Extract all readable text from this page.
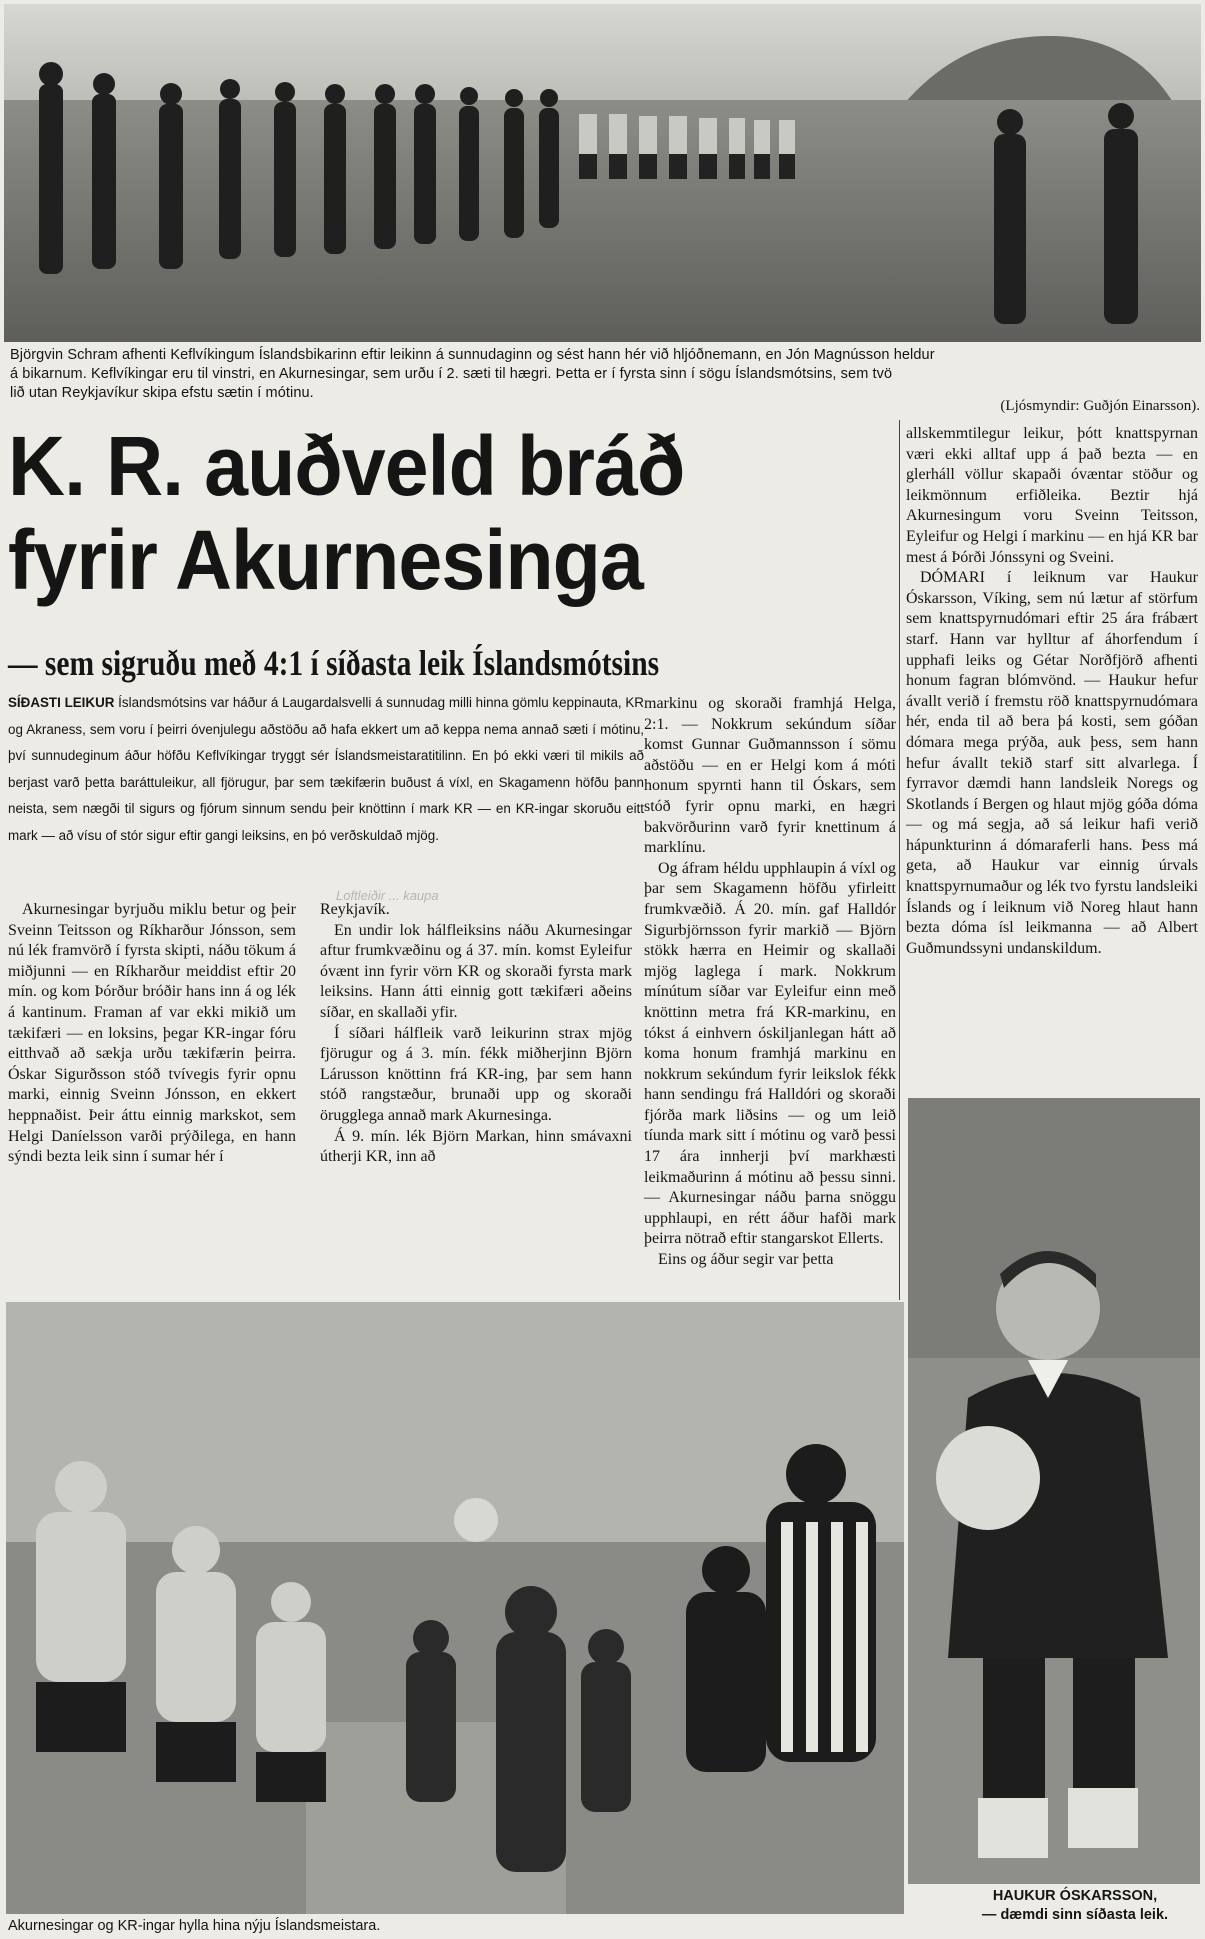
Björgvin Schram afhenti Keflvíkingum Íslandsbikarinn eftir leikinn á sunnudaginn og sést hann hér við hljóðnemann, en Jón Magnússon heldur
á bikarnum. Keflvíkingar eru til vinstri, en Akurnesingar, sem urðu í 2. sæti til hægri. Þetta er í fyrsta sinn í sögu Íslandsmótsins, sem tvö
lið utan Reykjavíkur skipa efstu sætin í mótinu.
(Ljósmyndir: Guðjón Einarsson).
K. R. auðveld bráð
fyrir Akurnesinga
— sem sigruðu með 4:1 í síðasta leik Íslandsmótsins
SÍÐASTI LEIKUR Íslandsmótsins var háður á Laugardalsvelli á sunnudag milli hinna gömlu keppinauta, KR og Akraness, sem voru í þeirri óvenjulegu aðstöðu að hafa ekkert um að keppa nema annað sæti í mótinu, því sunnudeginum áður höfðu Keflvíkingar tryggt sér Íslandsmeistaratitilinn. En þó ekki væri til mikils að berjast varð þetta baráttuleikur, all fjörugur, þar sem tækifærin buðust á víxl, en Skagamenn höfðu þann neista, sem nægði til sigurs og fjórum sinnum sendu þeir knöttinn í mark KR — en KR-ingar skoruðu eitt mark — að vísu of stór sigur eftir gangi leiksins, en þó verðskuldað mjög.
Loftleiðir ... kaupa

Akurnesingar byrjuðu miklu betur og þeir Sveinn Teitsson og Ríkharður Jónsson, sem nú lék framvörð í fyrsta skipti, náðu tökum á miðjunni — en Ríkharður meiddist eftir 20 mín. og kom Þórður bróðir hans inn á og lék á kantinum. Framan af var ekki mikið um tækifæri — en loksins, þegar KR-ingar fóru eitthvað að sækja urðu tækifærin þeirra. Óskar Sigurðsson stóð tvívegis fyrir opnu marki, einnig Sveinn Jónsson, en ekkert heppnaðist. Þeir áttu einnig markskot, sem Helgi Daníelsson varði prýðilega, en hann sýndi bezta leik sinn í sumar hér í

Reykjavík.

En undir lok hálfleiksins náðu Akurnesingar aftur frumkvæðinu og á 37. mín. komst Eyleifur óvænt inn fyrir vörn KR og skoraði fyrsta mark leiksins. Hann átti einnig gott tækifæri aðeins síðar, en skallaði yfir.

Í síðari hálfleik varð leikurinn strax mjög fjörugur og á 3. mín. fékk miðherjinn Björn Lárusson knöttinn frá KR-ing, þar sem hann stóð rangstæður, brunaði upp og skoraði örugglega annað mark Akurnesinga.

Á 9. mín. lék Björn Markan, hinn smávaxni útherji KR, inn að

markinu og skoraði framhjá Helga, 2:1. — Nokkrum sekúndum síðar komst Gunnar Guðmannsson í sömu aðstöðu — en er Helgi kom á móti honum spyrnti hann til Óskars, sem stóð fyrir opnu marki, en hægri bakvörðurinn varð fyrir knettinum á marklínu.

Og áfram héldu upphlaupin á víxl og þar sem Skagamenn höfðu yfirleitt frumkvæðið. Á 20. mín. gaf Halldór Sigurbjörnsson fyrir markið — Björn stökk hærra en Heimir og skallaði mjög laglega í mark. Nokkrum mínútum síðar var Eyleifur einn með knöttinn metra frá KR-markinu, en tókst á einhvern óskiljanlegan hátt að koma honum framhjá markinu en nokkrum sekúndum fyrir leikslok fékk hann sendingu frá Halldóri og skoraði fjórða mark liðsins — og um leið tíunda mark sitt í mótinu og varð þessi 17 ára innherji því markhæsti leikmaðurinn á mótinu að þessu sinni. — Akurnesingar náðu þarna snöggu upphlaupi, en rétt áður hafði mark þeirra nötrað eftir stangarskot Ellerts.

Eins og áður segir var þetta

allskemmtilegur leikur, þótt knattspyrnan væri ekki alltaf upp á það bezta — en glerháll völlur skapaði óvæntar stöður og leikmönnum erfiðleika. Beztir hjá Akurnesingum voru Sveinn Teitsson, Eyleifur og Helgi í markinu — en hjá KR bar mest á Þórði Jónssyni og Sveini.

DÓMARI í leiknum var Haukur Óskarsson, Víking, sem nú lætur af störfum sem knattspyrnudómari eftir 25 ára frábært starf. Hann var hylltur af áhorfendum í upphafi leiks og Gétar Norðfjörð afhenti honum fagran blómvönd. — Haukur hefur ávallt verið í fremstu röð knattspyrnudómara hér, enda til að bera þá kosti, sem góðan dómara mega prýða, auk þess, sem hann hefur ávallt tekið starf sitt alvarlega. Í fyrravor dæmdi hann landsleik Noregs og Skotlands í Bergen og hlaut mjög góða dóma — og má segja, að sá leikur hafi verið hápunkturinn á dómaraferli hans. Þess má geta, að Haukur var einnig úrvals knattspyrnumaður og lék tvo fyrstu landsleiki Íslands og í leiknum við Noreg hlaut hann bezta dóma ísl leikmanna — að Albert Guðmundssyni undanskildum.

Akurnesingar og KR-ingar hylla hina nýju Íslandsmeistara.
HAUKUR ÓSKARSSON,
— dæmdi sinn síðasta leik.
